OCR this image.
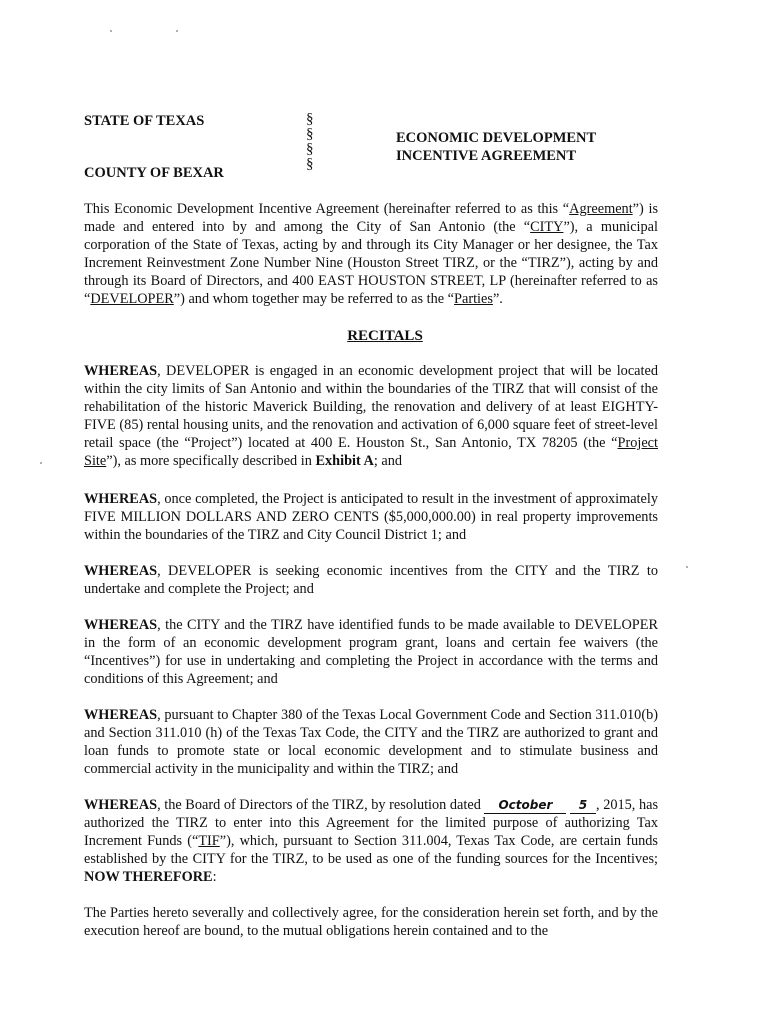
STATE OF TEXAS
COUNTY OF BEXAR
§
§
§
§
ECONOMIC DEVELOPMENT
INCENTIVE AGREEMENT

This Economic Development Incentive Agreement (hereinafter referred to as this “Agreement”) is made and entered into by and among the City of San Antonio (the “CITY”), a municipal corporation of the State of Texas, acting by and through its City Manager or her designee, the Tax Increment Reinvestment Zone Number Nine (Houston Street TIRZ, or the “TIRZ”), acting by and through its Board of Directors, and 400 EAST HOUSTON STREET, LP (hereinafter referred to as “DEVELOPER”) and whom together may be referred to as the “Parties”.

RECITALS

WHEREAS, DEVELOPER is engaged in an economic development project that will be located within the city limits of San Antonio and within the boundaries of the TIRZ that will consist of the rehabilitation of the historic Maverick Building, the renovation and delivery of at least EIGHTY-FIVE (85) rental housing units, and the renovation and activation of 6,000 square feet of street-level retail space (the “Project”) located at 400 E. Houston St., San Antonio, TX 78205 (the “Project Site”), as more specifically described in Exhibit A; and

WHEREAS, once completed, the Project is anticipated to result in the investment of approximately FIVE MILLION DOLLARS AND ZERO CENTS ($5,000,000.00) in real property improvements within the boundaries of the TIRZ and City Council District 1; and

WHEREAS, DEVELOPER is seeking economic incentives from the CITY and the TIRZ to undertake and complete the Project; and

WHEREAS, the CITY and the TIRZ have identified funds to be made available to DEVELOPER in the form of an economic development program grant, loans and certain fee waivers (the “Incentives”) for use in undertaking and completing the Project in accordance with the terms and conditions of this Agreement; and

WHEREAS, pursuant to Chapter 380 of the Texas Local Government Code and Section 311.010(b) and Section 311.010 (h) of the Texas Tax Code, the CITY and the TIRZ are authorized to grant and loan funds to promote state or local economic development and to stimulate business and commercial activity in the municipality and within the TIRZ; and

WHEREAS, the Board of Directors of the TIRZ, by resolution dated October 5 , 2015, has authorized the TIRZ to enter into this Agreement for the limited purpose of authorizing Tax Increment Funds (“TIF”), which, pursuant to Section 311.004, Texas Tax Code, are certain funds established by the CITY for the TIRZ, to be used as one of the funding sources for the Incentives; NOW THEREFORE:

The Parties hereto severally and collectively agree, for the consideration herein set forth, and by the execution hereof are bound, to the mutual obligations herein contained and to the
